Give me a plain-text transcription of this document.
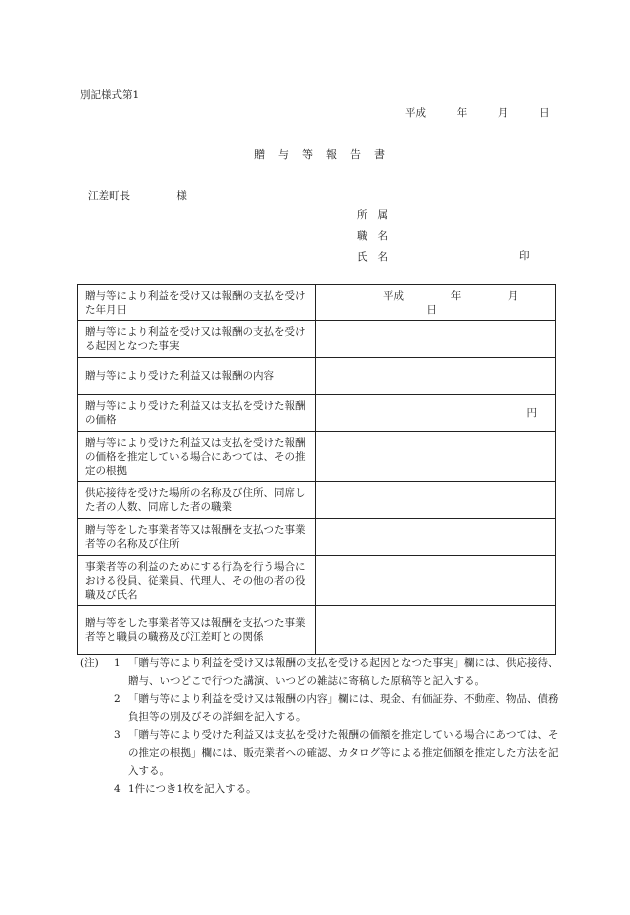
別記様式第1
平成	年	月	日
贈与等報告書
江差町長	様
所属
職名
氏名	印
贈与等により利益を受け又は報酬の支払を受けた年月日	平成 年 月  日

贈与等により利益を受け又は報酬の支払を受ける起因となつた事実	
贈与等により受けた利益又は報酬の内容	
贈与等により受けた利益又は支払を受けた報酬の価格	円
贈与等により受けた利益又は支払を受けた報酬の価格を推定している場合にあつては、その推定の根拠	
供応接待を受けた場所の名称及び住所、同席した者の人数、同席した者の職業	
贈与等をした事業者等又は報酬を支払つた事業者等の名称及び住所	
事業者等の利益のためにする行為を行う場合における役員、従業員、代理人、その他の者の役職及び氏名	
贈与等をした事業者等又は報酬を支払つた事業者等と職員の職務及び江差町との関係	
(注) 1 「贈与等により利益を受け又は報酬の支払を受ける起因となつた事実」欄には、供応接待、贈与、いつどこで行つた講演、いつどの雑誌に寄稿した原稿等と記入する。
2 「贈与等により利益を受け又は報酬の内容」欄には、現金、有価証券、不動産、物品、債務負担等の別及びその詳細を記入する。
3 「贈与等により受けた利益又は支払を受けた報酬の価額を推定している場合にあつては、その推定の根拠」欄には、販売業者への確認、カタログ等による推定価額を推定した方法を記入する。
4 1件につき1枚を記入する。
